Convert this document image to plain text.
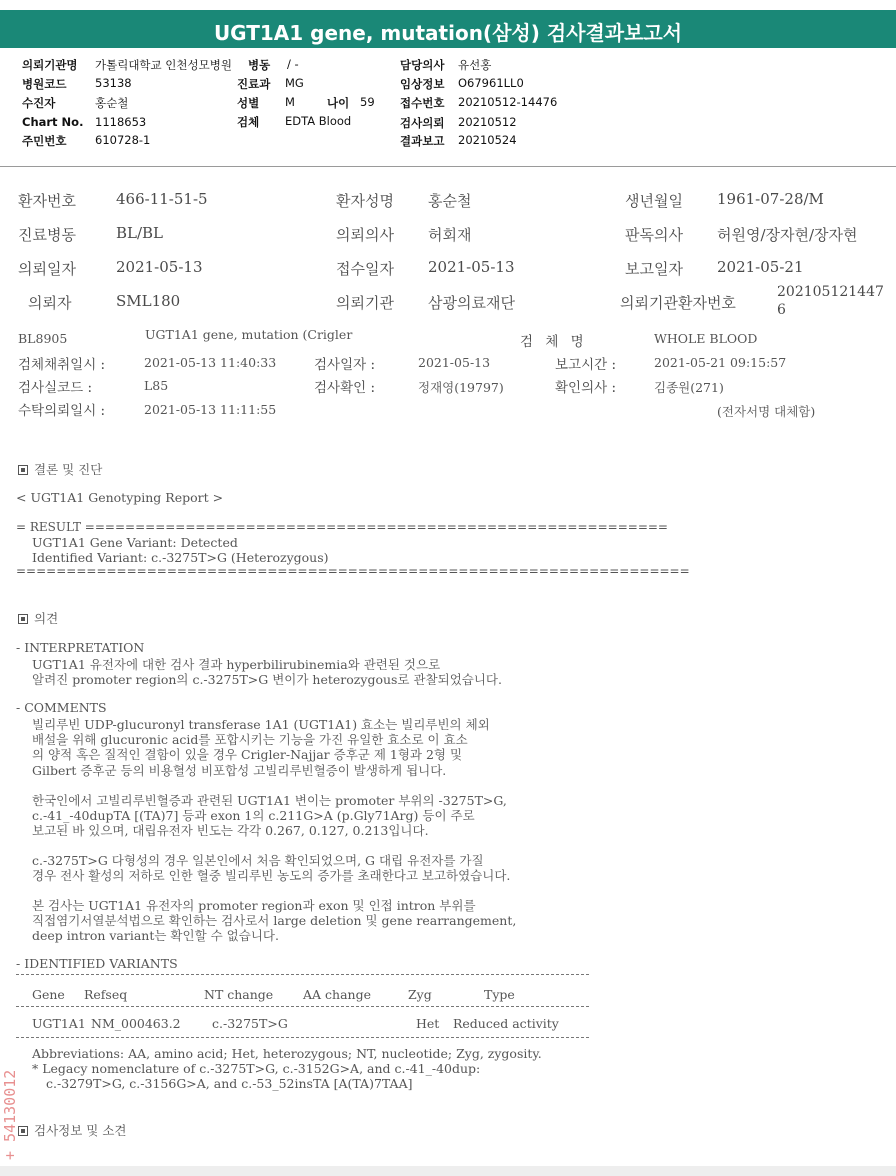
UGT1A1 gene, mutation(삼성) 검사결과보고서
의뢰기관명 가톨릭대학교 인천성모병원 병동 / -	담당의사 유선홍
병원코드 53138	진료과 MG	임상정보 O67961LL0
수진자	홍순철	성별 M	나이 59 접수번호 20210512-14476
Chart No. 1118653	검체 EDTA Blood	검사의뢰 20210512
주민번호 610728-1	결과보고 20210524
환자번호	466-11-51-5	환자성명 홍순철	생년월일 1961-07-28/M
진료병동	BL/BL	의뢰의사 허회재	판독의사 허원영/장자현/장자현
의뢰일자	2021-05-13	접수일자 2021-05-13	보고일자 2021-05-21
의뢰자	SML180	의뢰기관 삼광의료재단	의뢰기관환자번호
202105121447
6
BL8905	UGT1A1 gene, mutation (Crigler	검 체 명	WHOLE BLOOD
검체채취일시 :	2021-05-13 11:40:33	검사일자 :	2021-05-13	보고시간 :	2021-05-21 09:15:57
검사실코드 :	L85	검사확인 :	정재영(19797)	확인의사 :	김종원(271)
수탁의뢰일시 :	2021-05-13 11:11:55	(전자서명 대체함)
결론 및 진단
< UGT1A1 Genotyping Report >
= RESULT ==========================================================
UGT1A1 Gene Variant: Detected
Identified Variant: c.-3275T>G (Heterozygous)
===================================================================
의견
- INTERPRETATION
UGT1A1 유전자에 대한 검사 결과 hyperbilirubinemia와 관련된 것으로
알려진 promoter region의 c.-3275T>G 변이가 heterozygous로 관찰되었습니다.
- COMMENTS
빌리루빈 UDP-glucuronyl transferase 1A1 (UGT1A1) 효소는 빌리루빈의 체외
배설을 위해 glucuronic acid를 포합시키는 기능을 가진 유일한 효소로 이 효소
의 양적 혹은 질적인 결함이 있을 경우 Crigler-Najjar 증후군 제 1형과 2형 및
Gilbert 증후군 등의 비용혈성 비포합성 고빌리루빈혈증이 발생하게 됩니다.
한국인에서 고빌리루빈혈증과 관련된 UGT1A1 변이는 promoter 부위의 -3275T>G,
c.-41_-40dupTA [(TA)7] 등과 exon 1의 c.211G>A (p.Gly71Arg) 등이 주로
보고된 바 있으며, 대립유전자 빈도는 각각 0.267, 0.127, 0.213입니다.
c.-3275T>G 다형성의 경우 일본인에서 처음 확인되었으며, G 대립 유전자를 가질
경우 전사 활성의 저하로 인한 혈중 빌리루빈 농도의 증가를 초래한다고 보고하였습니다.
본 검사는 UGT1A1 유전자의 promoter region과 exon 및 인접 intron 부위를
직접염기서열분석법으로 확인하는 검사로서 large deletion 및 gene rearrangement,
deep intron variant는 확인할 수 없습니다.
- IDENTIFIED VARIANTS
Gene Refseq	NT change AA change	Zyg	Type
UGT1A1 NM_000463.2	c.-3275T>G	Het Reduced activity
Abbreviations: AA, amino acid; Het, heterozygous; NT, nucleotide; Zyg, zygosity.
* Legacy nomenclature of c.-3275T>G, c.-3152G>A, and c.-41_-40dup:
c.-3279T>G, c.-3156G>A, and c.-53_52insTA [A(TA)7TAA]
검사정보 및 소견
+ 54130012
